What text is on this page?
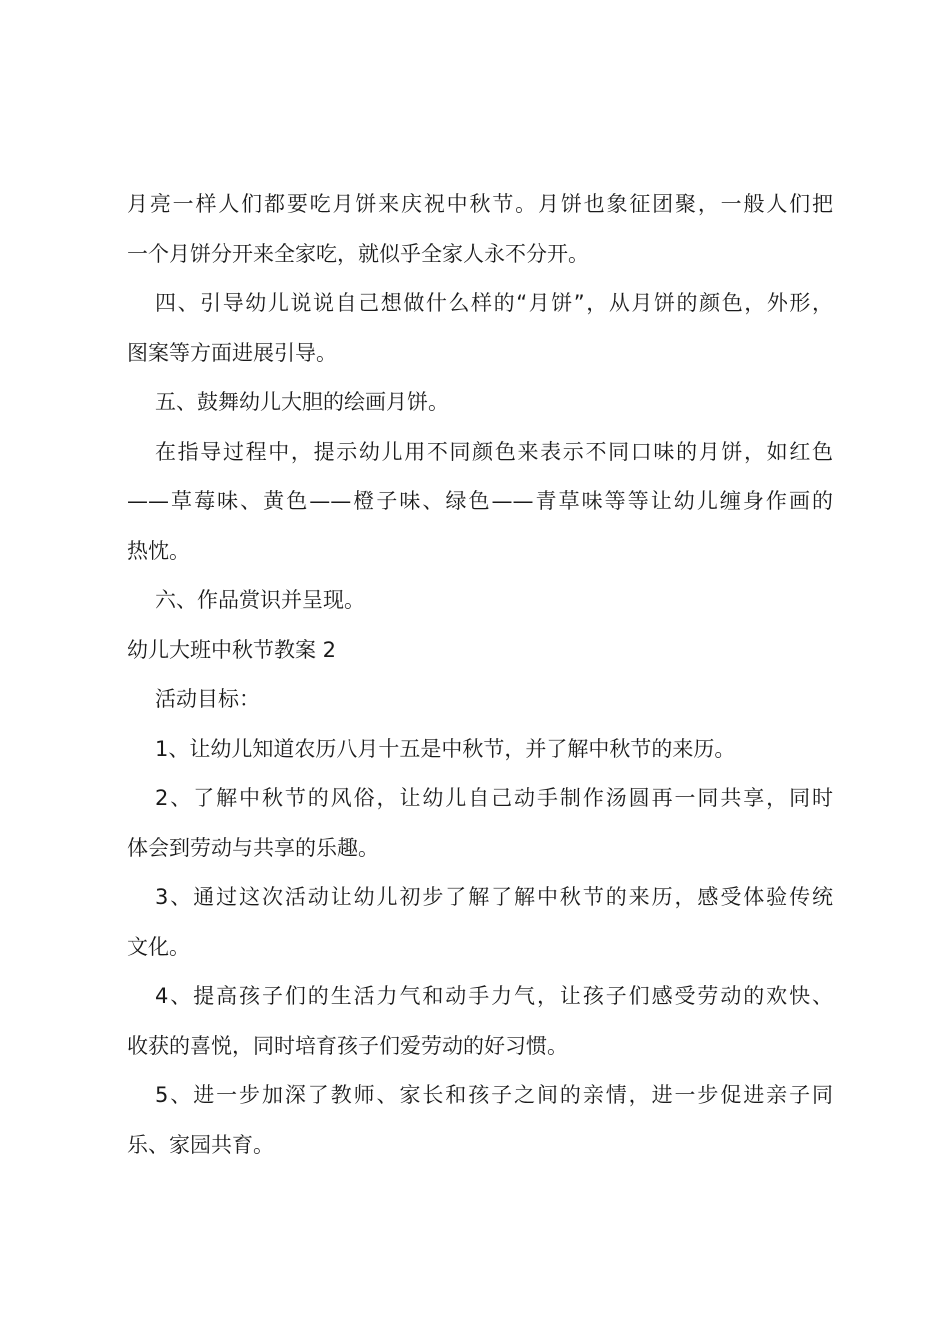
月亮一样人们都要吃月饼来庆祝中秋节。月饼也象征团聚，一般人们把
一个月饼分开来全家吃，就似乎全家人永不分开。
四、引导幼儿说说自己想做什么样的“月饼”，从月饼的颜色，外形，
图案等方面进展引导。
五、鼓舞幼儿大胆的绘画月饼。
在指导过程中，提示幼儿用不同颜色来表示不同口味的月饼，如红色
——草莓味、黄色——橙子味、绿色——青草味等等让幼儿缠身作画的
热忱。
六、作品赏识并呈现。
幼儿大班中秋节教案 2
活动目标：
1、让幼儿知道农历八月十五是中秋节，并了解中秋节的来历。
2、了解中秋节的风俗，让幼儿自己动手制作汤圆再一同共享，同时
体会到劳动与共享的乐趣。
3、通过这次活动让幼儿初步了解了解中秋节的来历，感受体验传统
文化。
4、提高孩子们的生活力气和动手力气，让孩子们感受劳动的欢快、
收获的喜悦，同时培育孩子们爱劳动的好习惯。
5、进一步加深了教师、家长和孩子之间的亲情，进一步促进亲子同
乐、家园共育。
